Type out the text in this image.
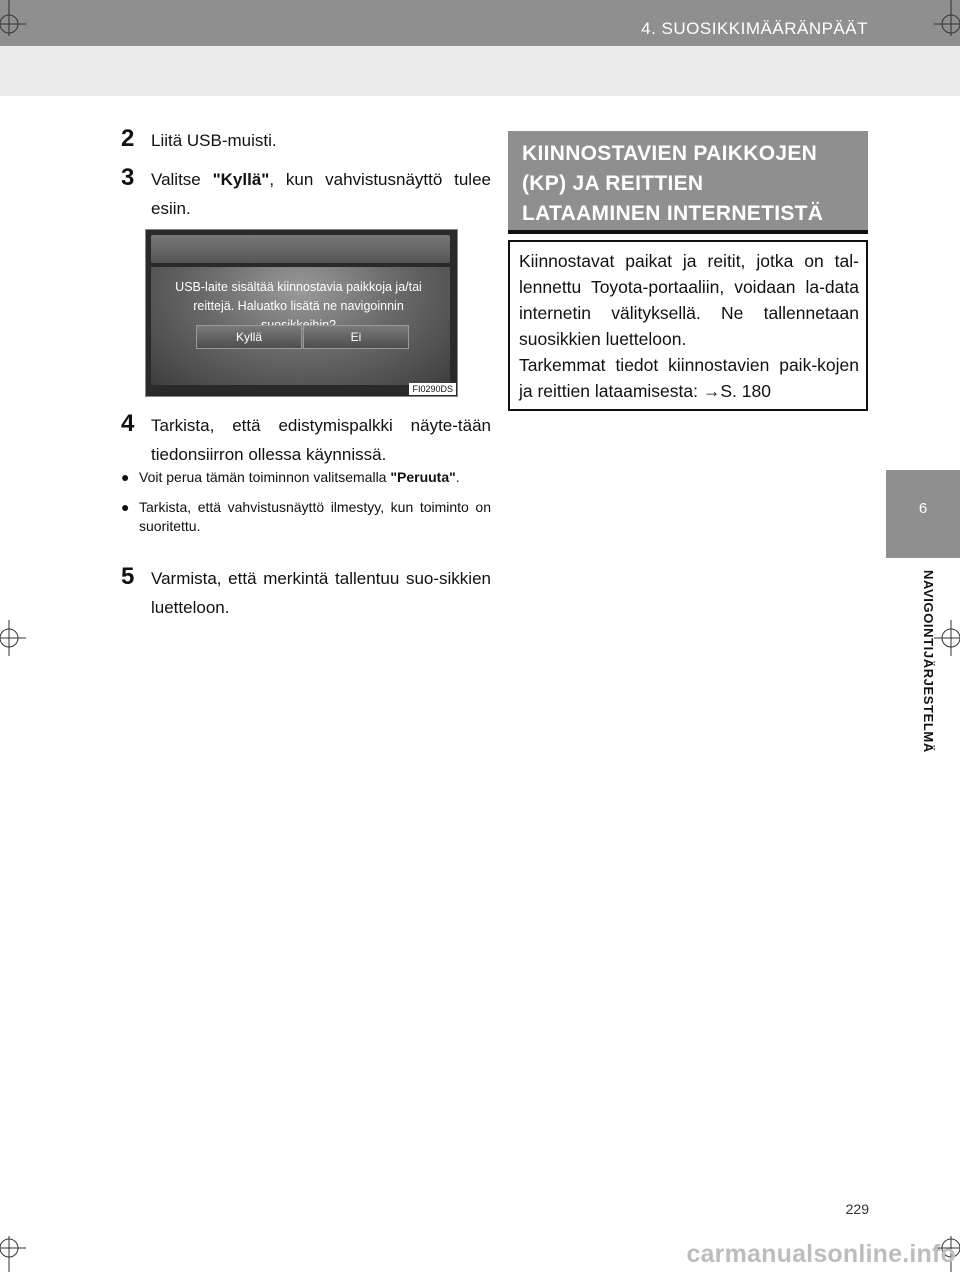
4. SUOSIKKIMÄÄRÄNPÄÄT
6
NAVIGOINTIJÄRJESTELMÄ
2 Liitä USB-muisti.
3 Valitse "Kyllä", kun vahvistusnäyttö tulee esiin.
USB-laite sisältää kiinnostavia paikkoja ja/tai
reittejä. Haluatko lisätä ne navigoinnin
Kyllä	Ei
FI0290DS
4 Tarkista, että edistymispalkki näyte-tään tiedonsiirron ollessa käynnissä.
● Voit perua tämän toiminnon valitsemalla "Peruuta".
● Tarkista, että vahvistusnäyttö ilmestyy, kun toiminto on suoritettu.
5 Varmista, että merkintä tallentuu suo-sikkien luetteloon.
KIINNOSTAVIEN PAIKKOJEN
(KP) JA REITTIEN
LATAAMINEN INTERNETISTÄ
Kiinnostavat paikat ja reitit, jotka on tal-lennettu Toyota-portaaliin, voidaan la-data internetin välityksellä. Ne tallennetaan suosikkien luetteloon.
Tarkemmat tiedot kiinnostavien paik-kojen ja reittien lataamisesta: →S. 180
229
carmanualsonline.info
